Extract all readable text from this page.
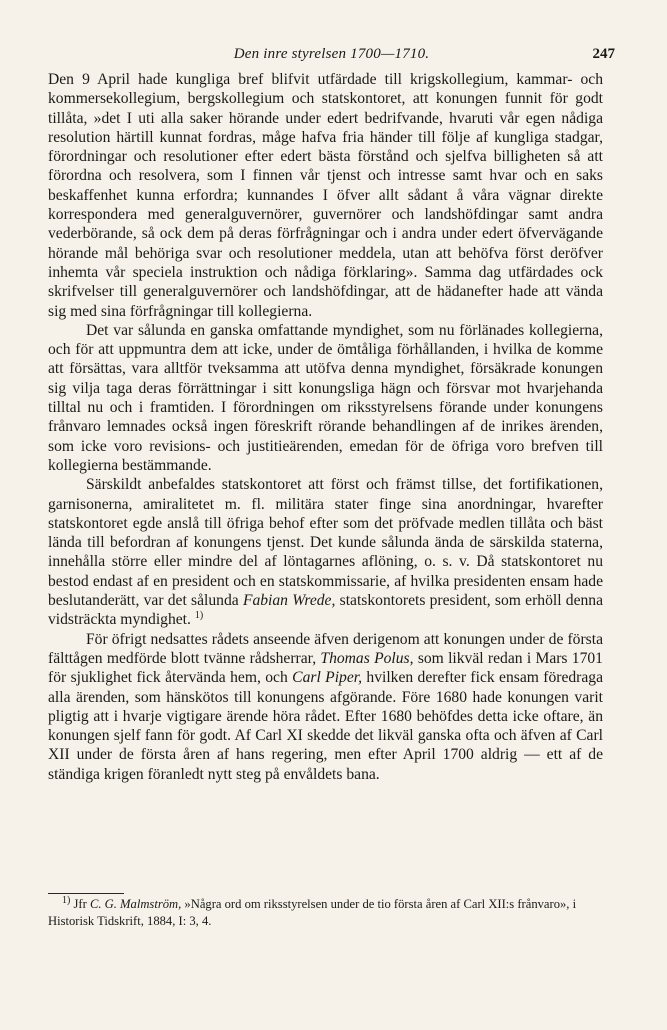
Den inre styrelsen 1700—1710.	247

Den 9 April hade kungliga bref blifvit utfärdade till krigskollegium, kammar- och kommersekollegium, bergskollegium och statskontoret, att konungen funnit för godt tillåta, »det I uti alla saker hörande under edert bedrifvande, hvaruti vår egen nådiga resolution härtill kunnat fordras, måge hafva fria händer till följe af kungliga stadgar, förordningar och resolutioner efter edert bästa förstånd och sjelfva billigheten så att förordna och resolvera, som I finnen vår tjenst och intresse samt hvar och en saks beskaffenhet kunna erfordra; kunnandes I öfver allt sådant å våra vägnar direkte korrespondera med generalguvernörer, guvernörer och landshöfdingar samt andra vederbörande, så ock dem på deras förfrågningar och i andra under edert öfvervägande hörande mål behöriga svar och resolutioner meddela, utan att behöfva först deröfver inhemta vår speciela instruktion och nådiga förklaring». Samma dag utfärdades ock skrifvelser till generalguvernörer och landshöfdingar, att de hädanefter hade att vända sig med sina förfrågningar till kollegierna.

Det var sålunda en ganska omfattande myndighet, som nu förlänades kollegierna, och för att uppmuntra dem att icke, under de ömtåliga förhållanden, i hvilka de komme att försättas, vara alltför tveksamma att utöfva denna myndighet, försäkrade konungen sig vilja taga deras förrättningar i sitt konungsliga hägn och försvar mot hvarjehanda tilltal nu och i framtiden. I förordningen om riksstyrelsens förande under konungens frånvaro lemnades också ingen föreskrift rörande behandlingen af de inrikes ärenden, som icke voro revisions- och justitieärenden, emedan för de öfriga voro brefven till kollegierna bestämmande.

Särskildt anbefaldes statskontoret att först och främst tillse, det fortifikationen, garnisonerna, amiralitetet m. fl. militära stater finge sina anordningar, hvarefter statskontoret egde anslå till öfriga behof efter som det pröfvade medlen tillåta och bäst lända till befordran af konungens tjenst. Det kunde sålunda ända de särskilda staterna, innehålla större eller mindre del af löntagarnes aflöning, o. s. v. Då statskontoret nu bestod endast af en president och en statskommissarie, af hvilka presidenten ensam hade beslutanderätt, var det sålunda Fabian Wrede, statskontorets president, som erhöll denna vidsträckta myndighet. $^{1)}$

För öfrigt nedsattes rådets anseende äfven derigenom att konungen under de första fälttågen medförde blott tvänne rådsherrar, Thomas Polus, som likväl redan i Mars 1701 för sjuklighet fick återvända hem, och Carl Piper, hvilken derefter fick ensam föredraga alla ärenden, som hänskötos till konungens afgörande. Före 1680 hade konungen varit pligtig att i hvarje vigtigare ärende höra rådet. Efter 1680 behöfdes detta icke oftare, än konungen sjelf fann för godt. Af Carl XI skedde det likväl ganska ofta och äfven af Carl XII under de första åren af hans regering, men efter April 1700 aldrig — ett af de ständiga krigen föranledt nytt steg på envåldets bana.

$^{1)}$ Jfr C. G. Malmström, »Några ord om riksstyrelsen under de tio första åren af Carl XII:s frånvaro», i Historisk Tidskrift, 1884, I: 3, 4.
